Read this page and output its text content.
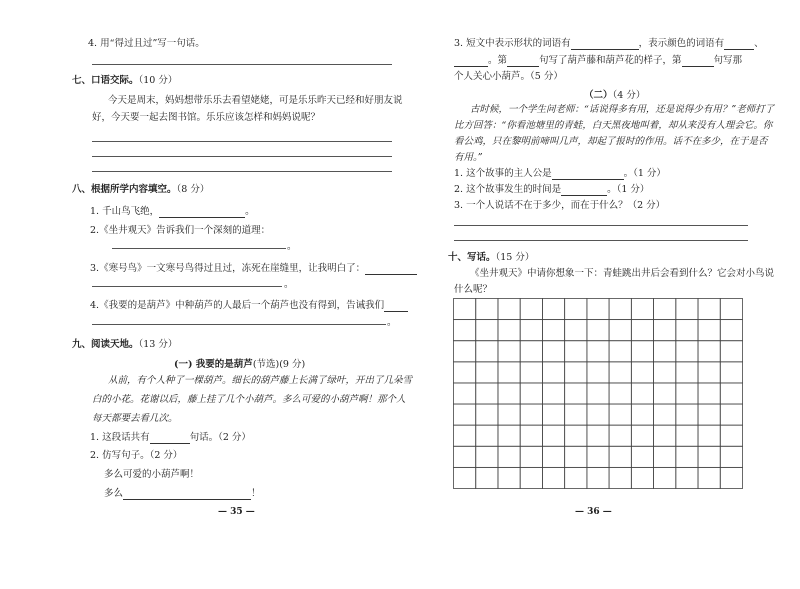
4. 用“得过且过”写一句话。
七、口语交际。（10 分）
今天是周末，妈妈想带乐乐去看望姥姥，可是乐乐昨天已经和好朋友说
好，今天要一起去图书馆。乐乐应该怎样和妈妈说呢？
八、根据所学内容填空。（8 分）
1. 千山鸟飞绝，	。
2.《坐井观天》告诉我们一个深刻的道理：
。
3.《寒号鸟》一文寒号鸟得过且过，冻死在崖缝里，让我明白了：
。
4.《我要的是葫芦》中种葫芦的人最后一个葫芦也没有得到，告诫我们
。
九、阅读天地。（13 分）
(一) 我要的是葫芦(节选)(9 分)
从前，有个人种了一棵葫芦。细长的葫芦藤上长满了绿叶，开出了几朵雪
白的小花。花谢以后，藤上挂了几个小葫芦。多么可爱的小葫芦啊！那个人
每天都要去看几次。
1. 这段话共有	句话。（2 分）
2. 仿写句子。（2 分）
多么可爱的小葫芦啊！
多么	！
— 35 —
3. 短文中表示形状的词语有	，表示颜色的词语有	、
。第	句写了葫芦藤和葫芦花的样子，第	句写那
个人关心小葫芦。（5 分）
（二）（4 分）
古时候，一个学生问老师：“话说得多有用，还是说得少有用？”老师打了
比方回答：“你看池塘里的青蛙，白天黑夜地叫着，却从来没有人理会它。你
看公鸡，只在黎明前啼叫几声，却起了报时的作用。话不在多少，在于是否
有用。”
1. 这个故事的主人公是	。（1 分）
2. 这个故事发生的时间是	。（1 分）
3. 一个人说话不在于多少，而在于什么？（2 分）
十、写话。（15 分）
《坐井观天》中请你想象一下：青蛙跳出井后会看到什么？它会对小鸟说
什么呢？
— 36 —
